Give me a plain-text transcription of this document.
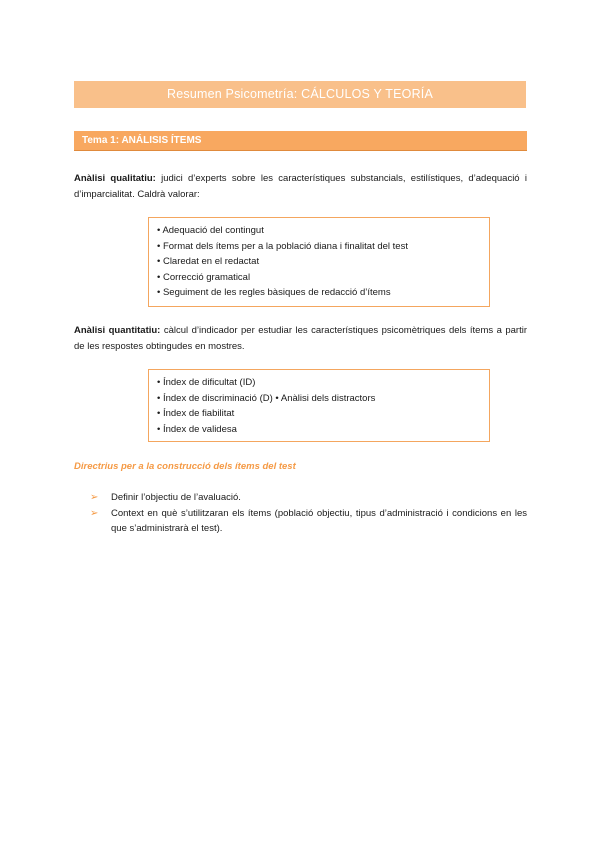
Resumen Psicometría: CÁLCULOS Y TEORÍA
Tema 1: ANÁLISIS ÍTEMS

Anàlisi qualitatiu: judici d’experts sobre les característiques substancials, estilístiques, d’adequació i d’imparcialitat. Caldrà valorar:

• Adequació del contingut
• Format dels ítems per a la població diana i finalitat del test
• Claredat en el redactat
• Correcció gramatical
• Seguiment de les regles bàsiques de redacció d’ítems

Anàlisi quantitatiu: càlcul d’indicador per estudiar les característiques psicomètriques dels ítems a partir de les respostes obtingudes en mostres.

• Índex de dificultat (ID)
• Índex de discriminació (D) • Anàlisi dels distractors
• Índex de fiabilitat
• Índex de validesa
Directrius per a la construcció dels ítems del test
➢ Definir l’objectiu de l’avaluació.
➢ Context en què s’utilitzaran els ítems (població objectiu, tipus d’administració i condicions en les que s’administrarà el test).
